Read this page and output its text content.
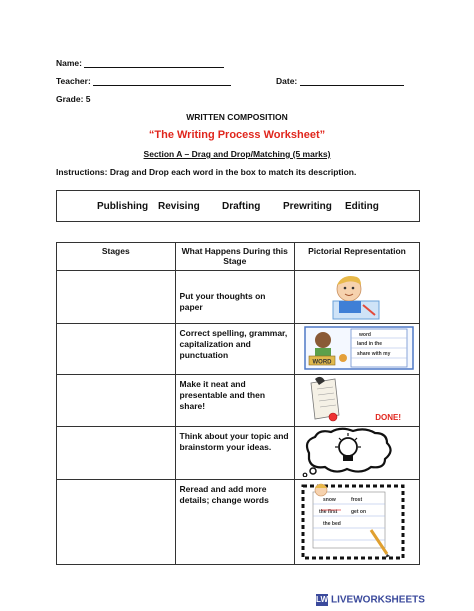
Name:
Teacher:	Date:
Grade: 5
WRITTEN COMPOSITION
“The Writing Process Worksheet”
Section A – Drag and Drop/Matching (5 marks)
Instructions: Drag and Drop each word in the box to match its description.
Publishing Revising Drafting Prewriting Editing
Stages	What Happens During this Stage	Pictorial Representation

	Put your thoughts on paper

	Correct spelling, grammar, capitalization and punctuation	WORD
word
land in the
share with my

	Make it neat and presentable and then share!	DONE!

	Think about your topic and brainstorm your ideas.

	Reread and add more details; change words	snow frost
the first get on
the bed
LW LIVEWORKSHEETS
